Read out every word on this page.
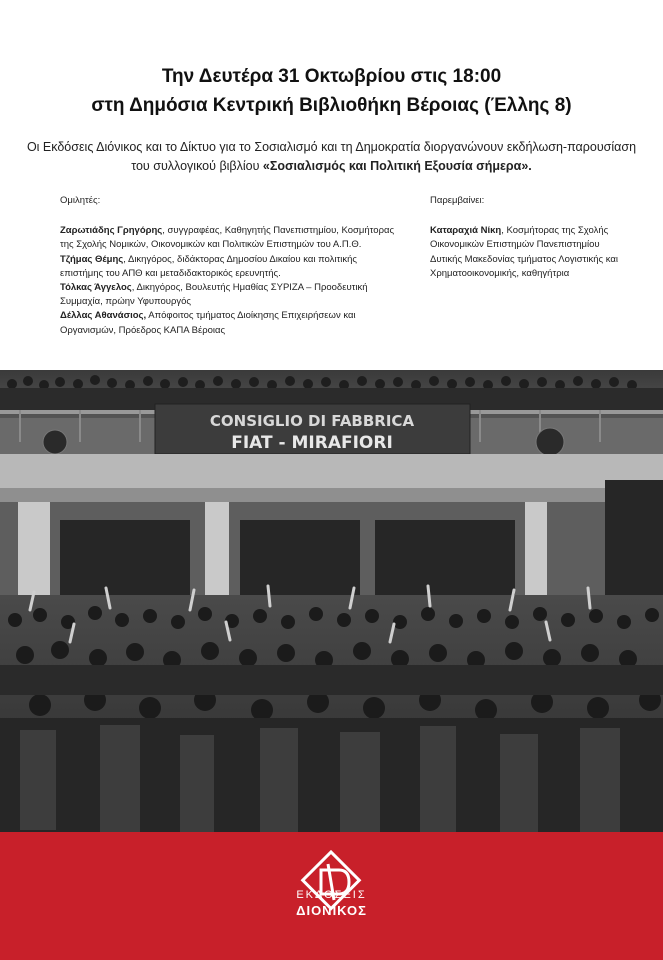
Την Δευτέρα 31 Οκτωβρίου στις 18:00
στη Δημόσια Κεντρική Βιβλιοθήκη Βέροιας (Έλλης 8)
Οι Εκδόσεις Διόνικος και το Δίκτυο για το Σοσιαλισμό και τη Δημοκρατία διοργανώνουν εκδήλωση-παρουσίαση του συλλογικού βιβλίου «Σοσιαλισμός και Πολιτική Εξουσία σήμερα».
Ομιλητές:
Ζαρωτιάδης Γρηγόρης, συγγραφέας, Καθηγητής Πανεπιστημίου, Κοσμήτορας της Σχολής Νομικών, Οικονομικών και Πολιτικών Επιστημών του Α.Π.Θ.
Τζήμας Θέμης, Δικηγόρος, διδάκτορας Δημοσίου Δικαίου και πολιτικής επιστήμης του ΑΠΘ και μεταδιδακτορικός ερευνητής.
Τόλκας Άγγελος, Δικηγόρος, Βουλευτής Ημαθίας ΣΥΡΙΖΑ – Προοδευτική Συμμαχία, πρώην Υφυπουργός
Δέλλας Αθανάσιος, Απόφοιτος τμήματος Διοίκησης Επιχειρήσεων και Οργανισμών, Πρόεδρος ΚΑΠΑ Βέροιας
Παρεμβαίνει:
Καταραχιά Νίκη, Κοσμήτορας της Σχολής Οικονομικών Επιστημών Πανεπιστημίου Δυτικής Μακεδονίας τμήματος Λογιστικής και Χρηματοοικονομικής, καθηγήτρια
CONSIGLIO DI FABBRICA
FIAT - MIRAFIORI
ΕΚΔΟΣΕΙΣ
ΔΙΟΝΙΚΟΣ
